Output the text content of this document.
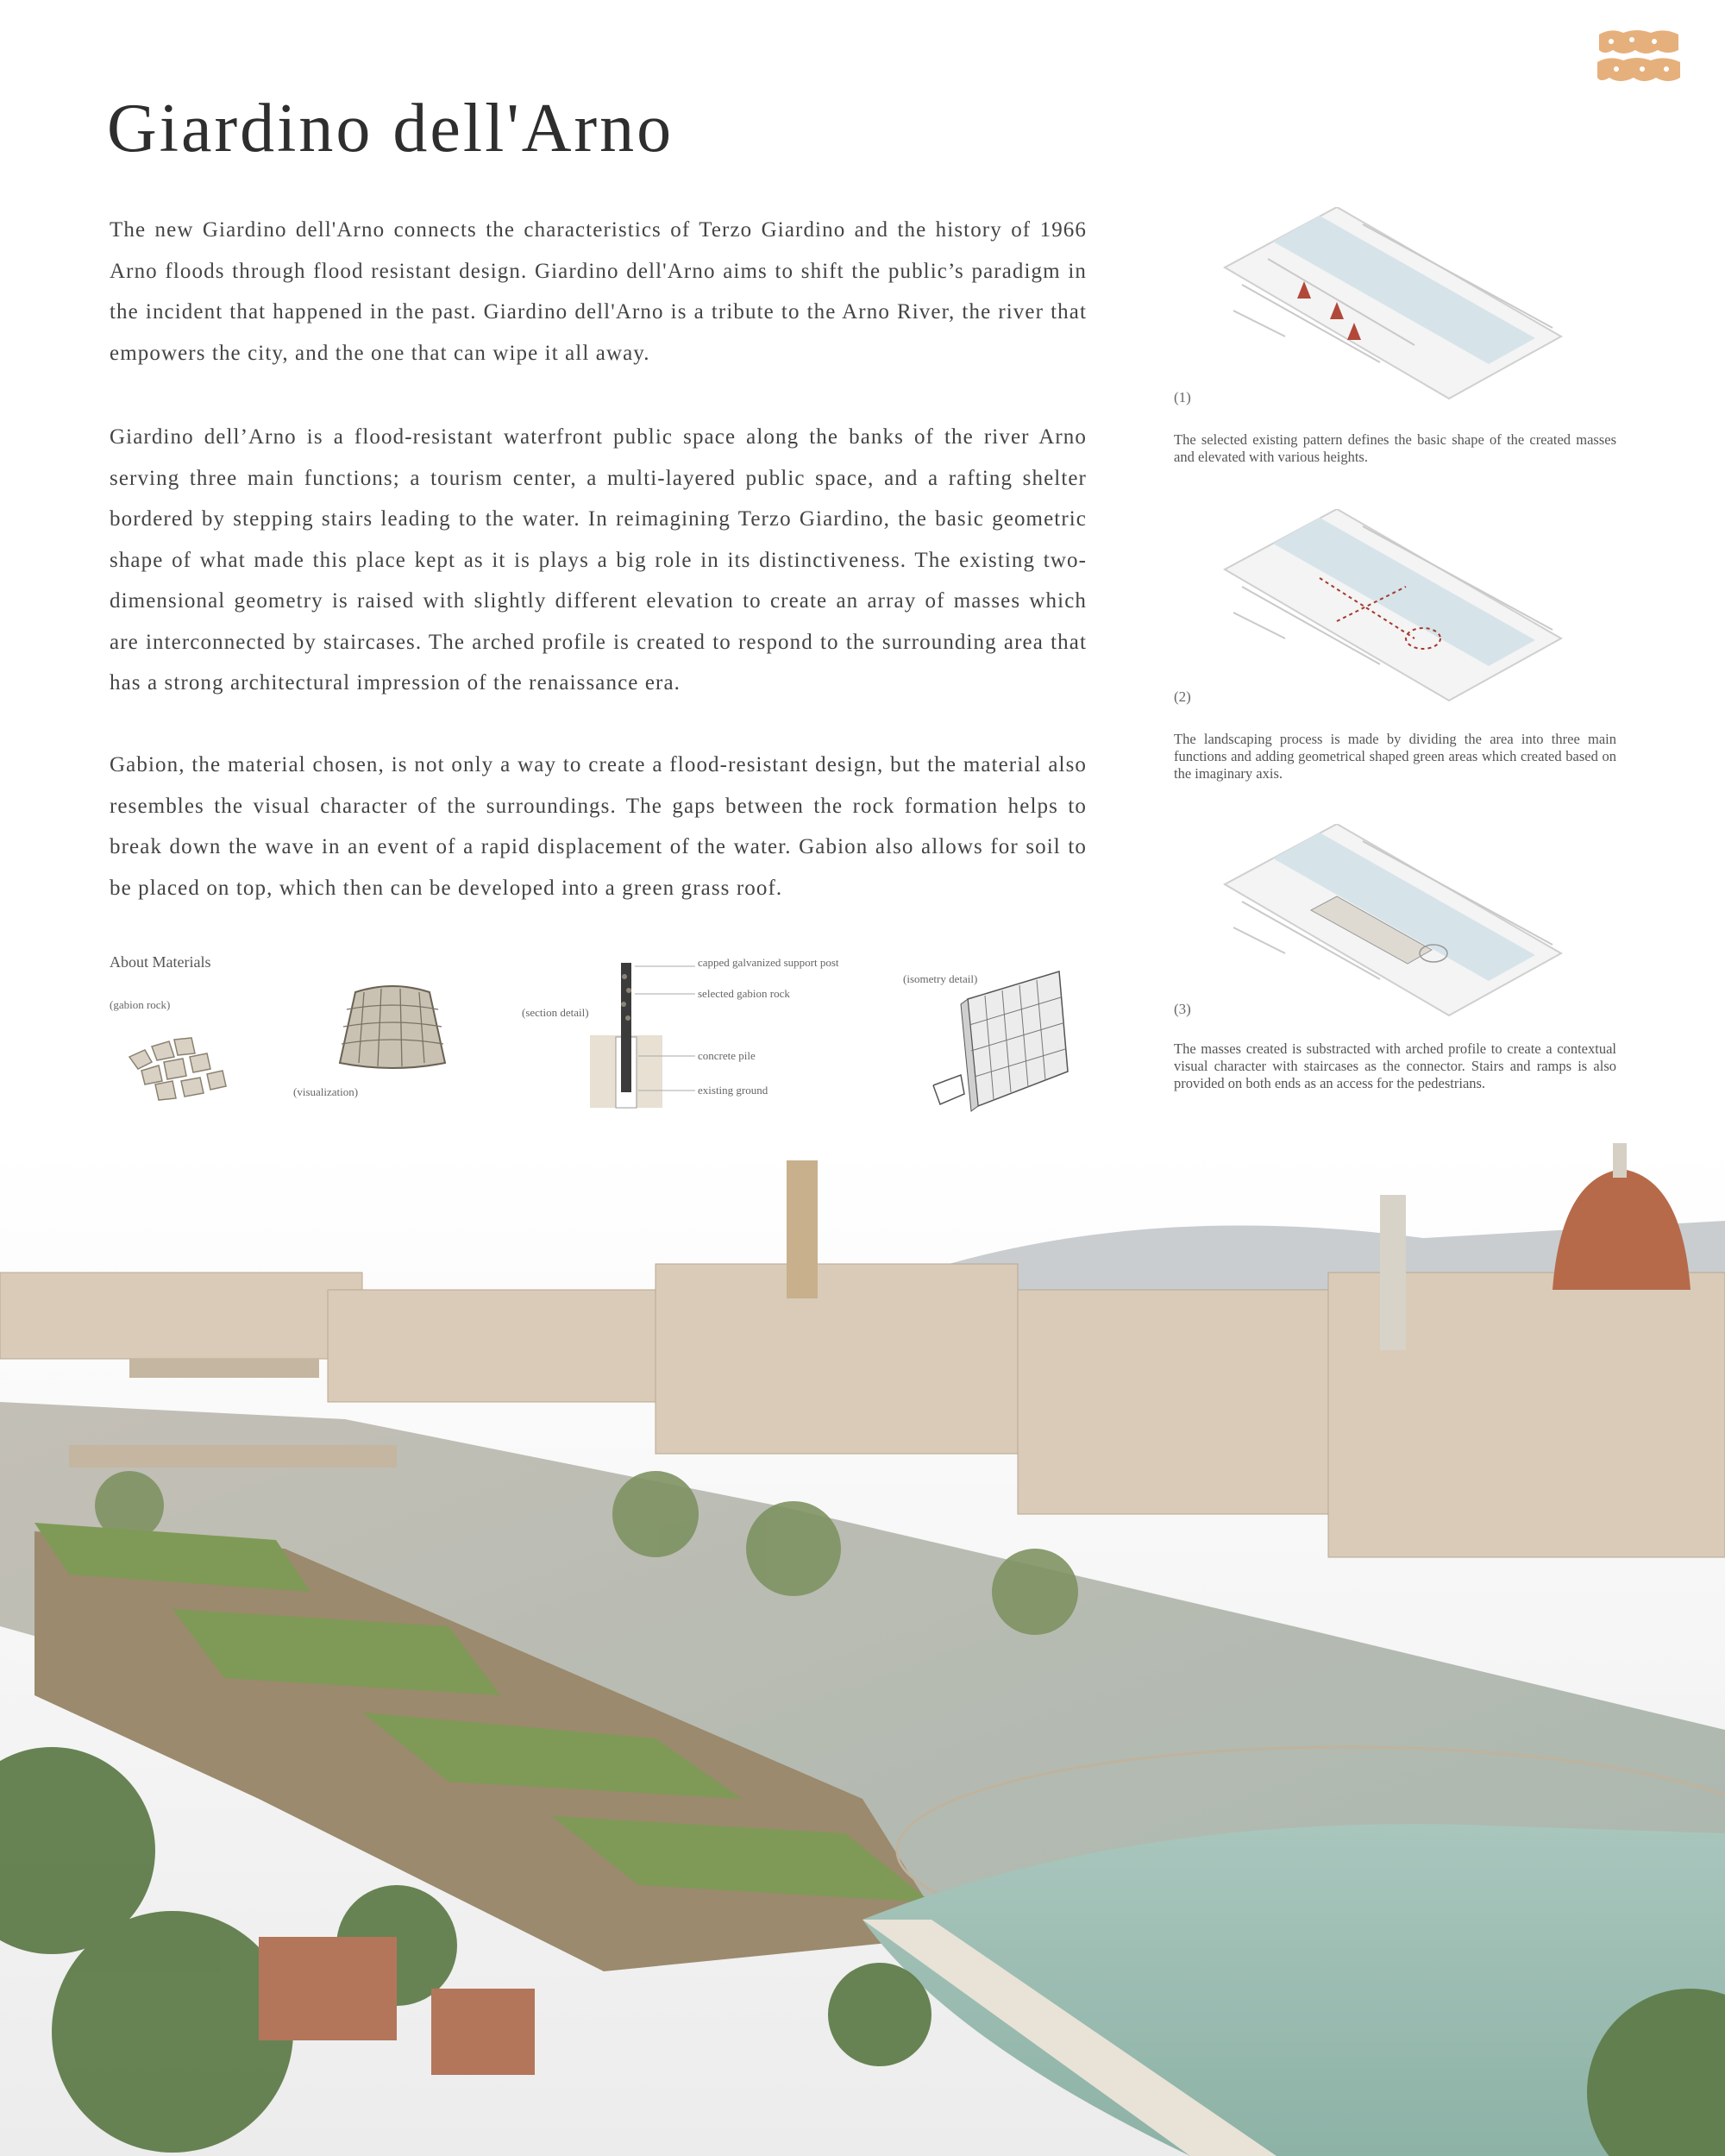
Giardino dell'Arno

The new Giardino dell'Arno connects the characteristics of Terzo Giardino and the history of 1966 Arno floods through flood resistant design. Giardino dell'Arno aims to shift the public’s paradigm in the incident that happened in the past. Giardino dell'Arno is a tribute to the Arno River, the river that empowers the city, and the one that can wipe it all away.

Giardino dell’Arno is a flood-resistant waterfront public space along the banks of the river Arno serving three main functions; a tourism center, a multi-layered public space, and a rafting shelter bordered by stepping stairs leading to the water. In reimagining Terzo Giardino, the basic geometric shape of what made this place kept as it is plays a big role in its distinctiveness. The existing two-dimensional geometry is raised with slightly different elevation to create an array of masses which are interconnected by staircases. The arched profile is created to respond to the surrounding area that has a strong architectural impression of the renaissance era.

Gabion, the material chosen, is not only a way to create a flood-resistant design, but the material also resembles the visual character of the surroundings. The gaps between the rock formation helps to break down the wave in an event of a rapid displacement of the water. Gabion also allows for soil to be placed on top, which then can be developed into a green grass roof.

About Materials
(gabion rock)
(visualization)
(section detail)
capped galvanized support post
selected gabion rock
concrete pile
existing ground
(isometry detail)
(1)

The selected existing pattern defines the basic shape of the created masses and elevated with various heights.

(2)

The landscaping process is made by dividing the area into three main functions and adding geometrical shaped green areas which created based on the imaginary axis.

(3)

The masses created is substracted with arched profile to create a contextual visual character with staircases as the connector. Stairs and ramps is also provided on both ends as an access for the pedestrians.
